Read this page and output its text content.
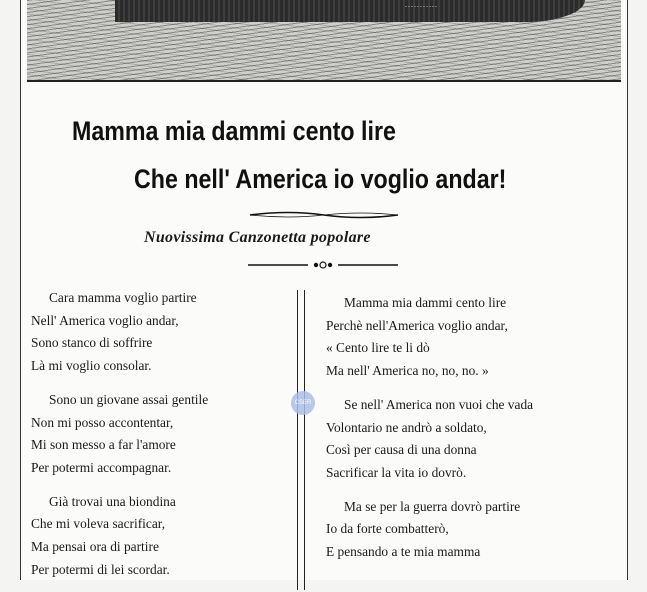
...........
Mamma mia dammi cento lire
Che nell' America io voglio andar!
Nuovissima Canzonetta popolare

Cara mamma voglio partire
Nell' America voglio andar,
Sono stanco di soffrire
Là mi voglio consolar.

Sono un giovane assai gentile
Non mi posso accontentar,
Mi son messo a far l'amore
Per potermi accompagnar.

Già trovai una biondina
Che mi voleva sacrificar,
Ma pensai ora di partire
Per potermi di lei scordar.

Mamma mia dammi cento lire
Perchè nell'America voglio andar,
« Cento lire te li dò
Ma nell' America no, no, no. »

Se nell' America non vuoi che vada
Volontario ne andrò a soldato,
Così per causa di una donna
Sacrificar la vita io dovrò.

Ma se per la guerra dovrò partire
Io da forte combatterò,
E pensando a te mia mamma

CSER
